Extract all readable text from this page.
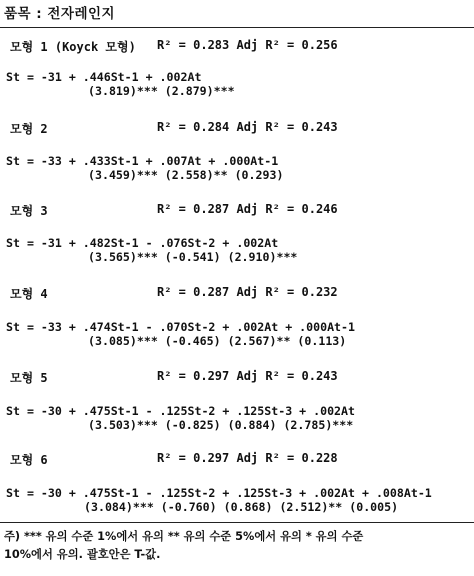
품목 : 전자레인지
모형 1 (Koyck 모형) R² = 0.283 Adj R² = 0.256
St = -31 + .446St-1 + .002At
(3.819)*** (2.879)***
모형 2	R² = 0.284 Adj R² = 0.243
St = -33 + .433St-1 + .007At + .000At-1
(3.459)*** (2.558)** (0.293)
모형 3	R² = 0.287 Adj R² = 0.246
St = -31 + .482St-1 - .076St-2 + .002At
(3.565)*** (-0.541) (2.910)***
모형 4	R² = 0.287 Adj R² = 0.232
St = -33 + .474St-1 - .070St-2 + .002At + .000At-1
(3.085)*** (-0.465) (2.567)** (0.113)
모형 5	R² = 0.297 Adj R² = 0.243
St = -30 + .475St-1 - .125St-2 + .125St-3 + .002At
(3.503)*** (-0.825) (0.884) (2.785)***
모형 6	R² = 0.297 Adj R² = 0.228
St = -30 + .475St-1 - .125St-2 + .125St-3 + .002At + .008At-1
(3.084)*** (-0.760) (0.868) (2.512)** (0.005)
주) *** 유의 수준 1%에서 유의 ** 유의 수준 5%에서 유의 * 유의 수준
10%에서 유의. 괄호안은 T-값.
